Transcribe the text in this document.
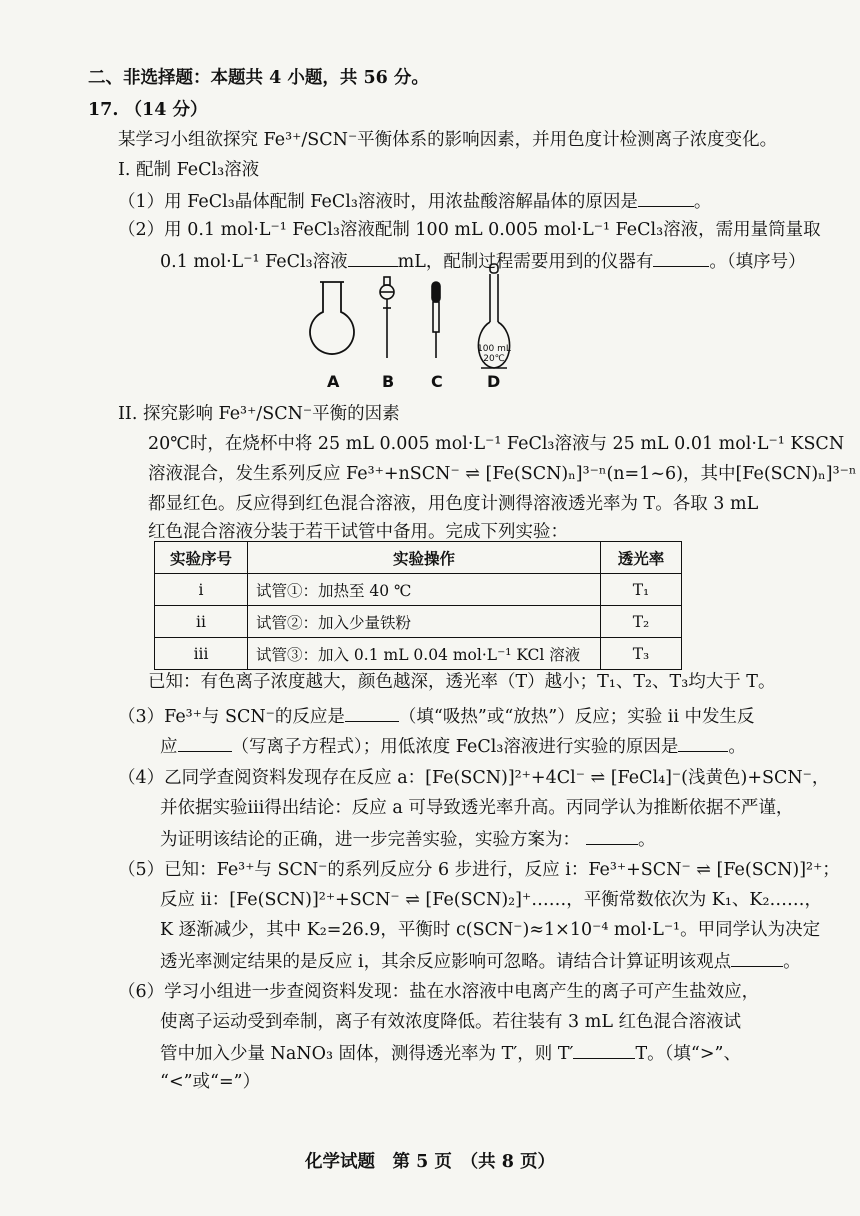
二、非选择题：本题共 4 小题，共 56 分。
17. （14 分）
某学习小组欲探究 Fe³⁺/SCN⁻平衡体系的影响因素，并用色度计检测离子浓度变化。
I. 配制 FeCl₃溶液
（1）用 FeCl₃晶体配制 FeCl₃溶液时，用浓盐酸溶解晶体的原因是	。
（2）用 0.1 mol·L⁻¹ FeCl₃溶液配制 100 mL 0.005 mol·L⁻¹ FeCl₃溶液，需用量筒量取
0.1 mol·L⁻¹ FeCl₃溶液	mL，配制过程需要用到的仪器有	。（填序号）
100 mL
20℃
A	B C	D
II. 探究影响 Fe³⁺/SCN⁻平衡的因素
20℃时，在烧杯中将 25 mL 0.005 mol·L⁻¹ FeCl₃溶液与 25 mL 0.01 mol·L⁻¹ KSCN
溶液混合，发生系列反应 Fe³⁺+nSCN⁻ ⇌ [Fe(SCN)ₙ]³⁻ⁿ(n=1~6)，其中[Fe(SCN)ₙ]³⁻ⁿ
都显红色。反应得到红色混合溶液，用色度计测得溶液透光率为 T。各取 3 mL
红色混合溶液分装于若干试管中备用。完成下列实验：
实验序号	实验操作	透光率
i	试管①：加热至 40 ℃	T₁
ii	试管②：加入少量铁粉	T₂
iii	试管③：加入 0.1 mL 0.04 mol·L⁻¹ KCl 溶液	T₃
已知：有色离子浓度越大，颜色越深，透光率（T）越小；T₁、T₂、T₃均大于 T。
（3）Fe³⁺与 SCN⁻的反应是	（填“吸热”或“放热”）反应；实验 ii 中发生反
应	（写离子方程式）；用低浓度 FeCl₃溶液进行实验的原因是	。
（4）乙同学查阅资料发现存在反应 a：[Fe(SCN)]²⁺+4Cl⁻ ⇌ [FeCl₄]⁻(浅黄色)+SCN⁻，
并依据实验iii得出结论：反应 a 可导致透光率升高。丙同学认为推断依据不严谨，
为证明该结论的正确，进一步完善实验，实验方案为：	。
（5）已知：Fe³⁺与 SCN⁻的系列反应分 6 步进行，反应 i：Fe³⁺+SCN⁻ ⇌ [Fe(SCN)]²⁺；
反应 ii：[Fe(SCN)]²⁺+SCN⁻ ⇌ [Fe(SCN)₂]⁺……，平衡常数依次为 K₁、K₂……，
K 逐渐减少，其中 K₂=26.9，平衡时 c(SCN⁻)≈1×10⁻⁴ mol·L⁻¹。甲同学认为决定
透光率测定结果的是反应 i，其余反应影响可忽略。请结合计算证明该观点	。
（6）学习小组进一步查阅资料发现：盐在水溶液中电离产生的离子可产生盐效应，
使离子运动受到牵制，离子有效浓度降低。若往装有 3 mL 红色混合溶液试
管中加入少量 NaNO₃ 固体，测得透光率为 T′，则 T′	T。（填“>”、
“<”或“=”）
化学试题　第 5 页　（共 8 页）
